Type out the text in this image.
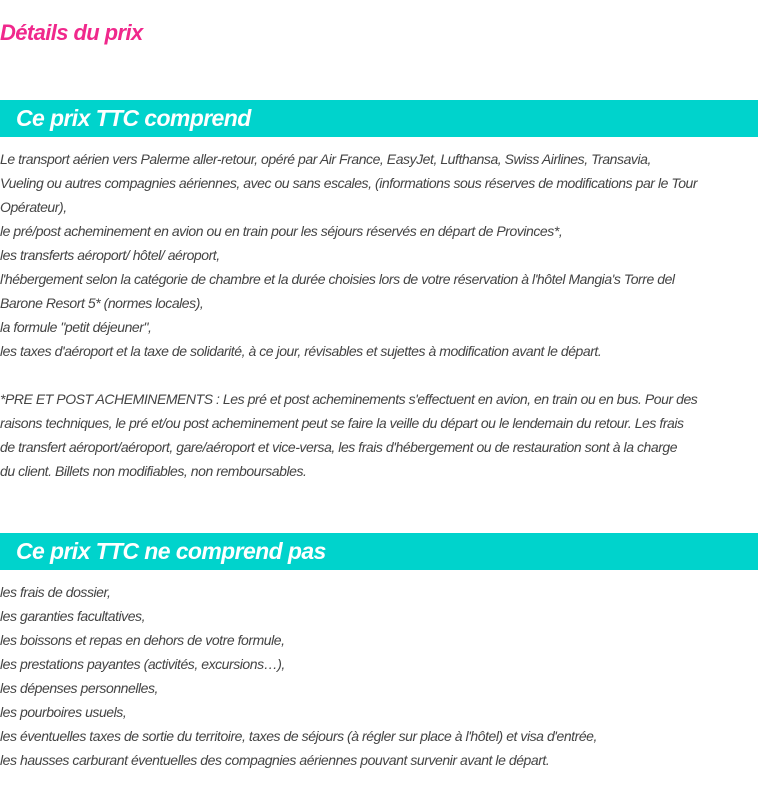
Détails du prix
Ce prix TTC comprend
Le transport aérien vers Palerme aller-retour, opéré par Air France, EasyJet, Lufthansa, Swiss Airlines, Transavia,
Vueling ou autres compagnies aériennes, avec ou sans escales, (informations sous réserves de modifications par le Tour
Opérateur),
le pré/post acheminement en avion ou en train pour les séjours réservés en départ de Provinces*,
les transferts aéroport/ hôtel/ aéroport,
l'hébergement selon la catégorie de chambre et la durée choisies lors de votre réservation à l'hôtel Mangia's Torre del
Barone Resort 5* (normes locales),
la formule "petit déjeuner",
les taxes d'aéroport et la taxe de solidarité, à ce jour, révisables et sujettes à modification avant le départ.
*PRE ET POST ACHEMINEMENTS : Les pré et post acheminements s'effectuent en avion, en train ou en bus. Pour des
raisons techniques, le pré et/ou post acheminement peut se faire la veille du départ ou le lendemain du retour. Les frais
de transfert aéroport/aéroport, gare/aéroport et vice-versa, les frais d'hébergement ou de restauration sont à la charge
du client. Billets non modifiables, non remboursables.
Ce prix TTC ne comprend pas
les frais de dossier,
les garanties facultatives,
les boissons et repas en dehors de votre formule,
les prestations payantes (activités, excursions…),
les dépenses personnelles,
les pourboires usuels,
les éventuelles taxes de sortie du territoire, taxes de séjours (à régler sur place à l'hôtel) et visa d'entrée,
les hausses carburant éventuelles des compagnies aériennes pouvant survenir avant le départ.
